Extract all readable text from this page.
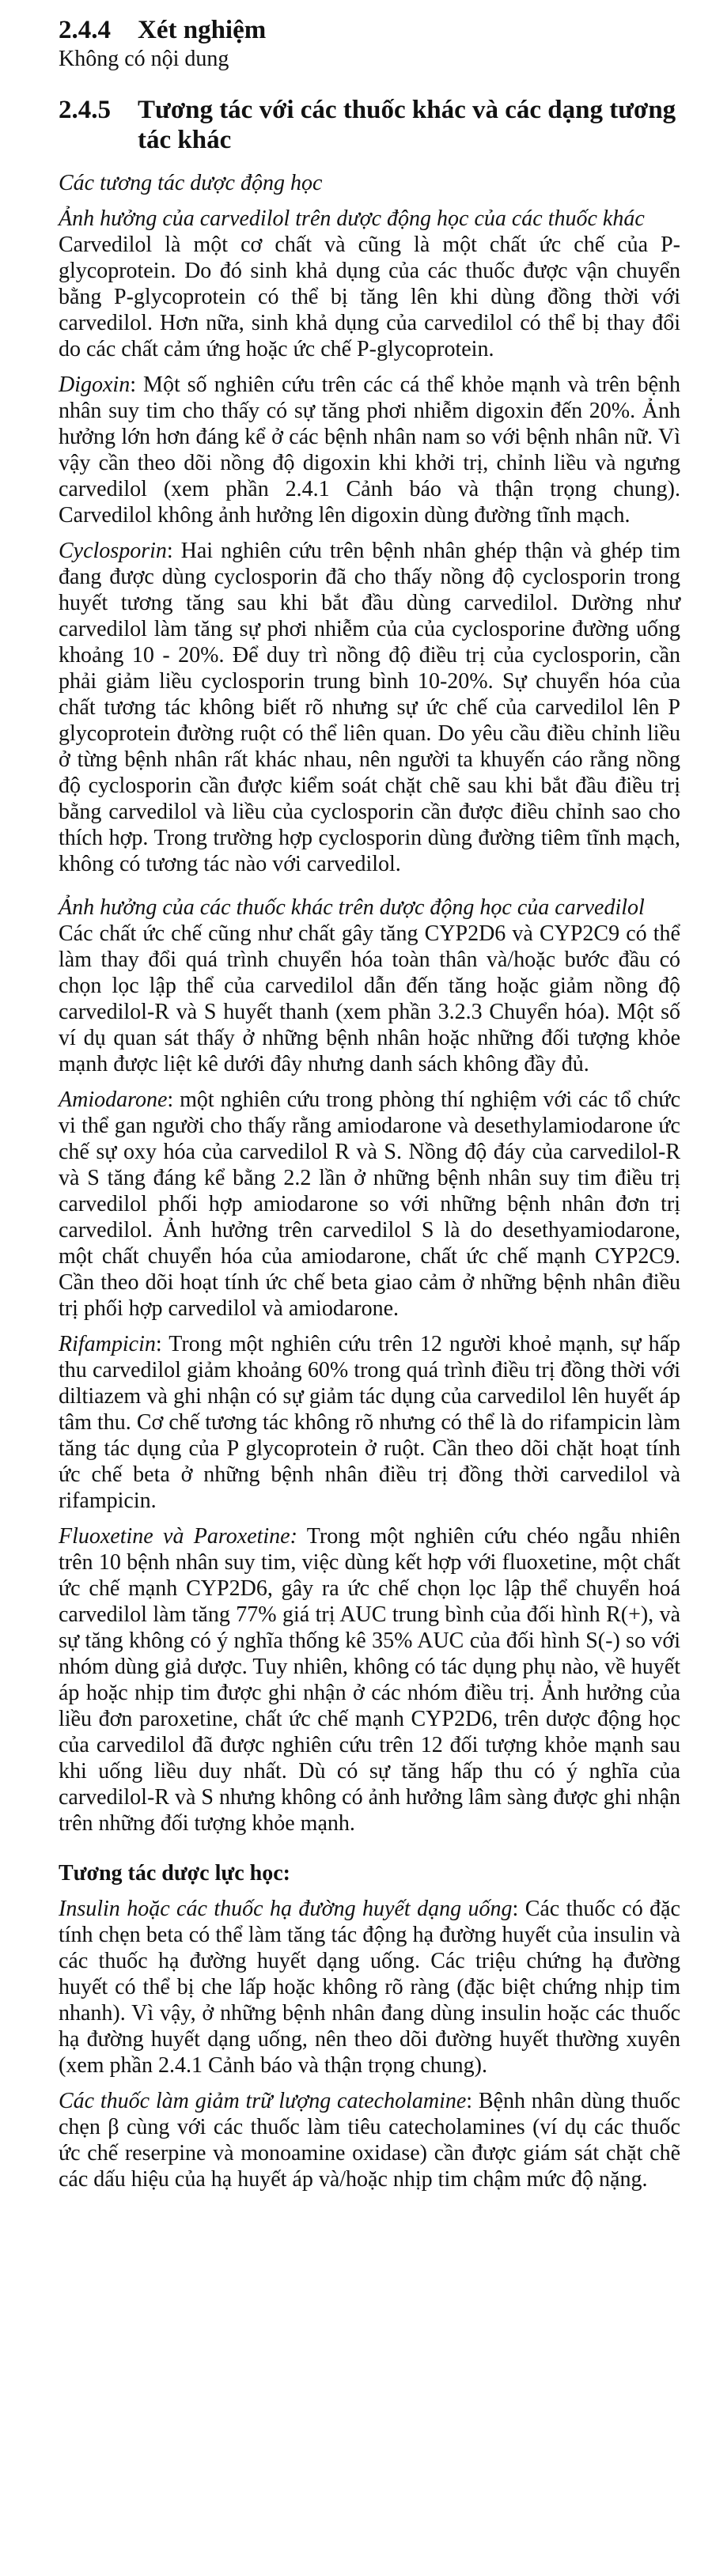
2.4.4	Xét nghiệm

Không có nội dung

2.4.5	Tương tác với các thuốc khác và các dạng tương tác khác

Các tương tác dược động học

Ảnh hưởng của carvedilol trên dược động học của các thuốc khác

Carvedilol là một cơ chất và cũng là một chất ức chế của P-glycoprotein. Do đó sinh khả dụng của các thuốc được vận chuyển bằng P-glycoprotein có thể bị tăng lên khi dùng đồng thời với carvedilol. Hơn nữa, sinh khả dụng của carvedilol có thể bị thay đổi do các chất cảm ứng hoặc ức chế P-glycoprotein.

Digoxin: Một số nghiên cứu trên các cá thể khỏe mạnh và trên bệnh nhân suy tim cho thấy có sự tăng phơi nhiễm digoxin đến 20%. Ảnh hưởng lớn hơn đáng kể ở các bệnh nhân nam so với bệnh nhân nữ. Vì vậy cần theo dõi nồng độ digoxin khi khởi trị, chỉnh liều và ngưng carvedilol (xem phần 2.4.1 Cảnh báo và thận trọng chung). Carvedilol không ảnh hưởng lên digoxin dùng đường tĩnh mạch.

Cyclosporin: Hai nghiên cứu trên bệnh nhân ghép thận và ghép tim đang được dùng cyclosporin đã cho thấy nồng độ cyclosporin trong huyết tương tăng sau khi bắt đầu dùng carvedilol. Dường như carvedilol làm tăng sự phơi nhiễm của của cyclosporine đường uống khoảng 10 - 20%. Để duy trì nồng độ điều trị của cyclosporin, cần phải giảm liều cyclosporin trung bình 10-20%. Sự chuyển hóa của chất tương tác không biết rõ nhưng sự ức chế của carvedilol lên P glycoprotein đường ruột có thể liên quan. Do yêu cầu điều chỉnh liều ở từng bệnh nhân rất khác nhau, nên người ta khuyến cáo rằng nồng độ cyclosporin cần được kiểm soát chặt chẽ sau khi bắt đầu điều trị bằng carvedilol và liều của cyclosporin cần được điều chỉnh sao cho thích hợp. Trong trường hợp cyclosporin dùng đường tiêm tĩnh mạch, không có tương tác nào với carvedilol.

Ảnh hưởng của các thuốc khác trên dược động học của carvedilol

Các chất ức chế cũng như chất gây tăng CYP2D6 và CYP2C9 có thể làm thay đổi quá trình chuyển hóa toàn thân và/hoặc bước đầu có chọn lọc lập thể của carvedilol dẫn đến tăng hoặc giảm nồng độ carvedilol-R và S huyết thanh (xem phần 3.2.3 Chuyển hóa). Một số ví dụ quan sát thấy ở những bệnh nhân hoặc những đối tượng khỏe mạnh được liệt kê dưới đây nhưng danh sách không đầy đủ.

Amiodarone: một nghiên cứu trong phòng thí nghiệm với các tổ chức vi thể gan người cho thấy rằng amiodarone và desethylamiodarone ức chế sự oxy hóa của carvedilol R và S. Nồng độ đáy của carvedilol-R và S tăng đáng kể bằng 2.2 lần ở những bệnh nhân suy tim điều trị carvedilol phối hợp amiodarone so với những bệnh nhân đơn trị carvedilol. Ảnh hưởng trên carvedilol S là do desethyamiodarone, một chất chuyển hóa của amiodarone, chất ức chế mạnh CYP2C9. Cần theo dõi hoạt tính ức chế beta giao cảm ở những bệnh nhân điều trị phối hợp carvedilol và amiodarone.

Rifampicin: Trong một nghiên cứu trên 12 người khoẻ mạnh, sự hấp thu carvedilol giảm khoảng 60% trong quá trình điều trị đồng thời với diltiazem và ghi nhận có sự giảm tác dụng của carvedilol lên huyết áp tâm thu. Cơ chế tương tác không rõ nhưng có thể là do rifampicin làm tăng tác dụng của P glycoprotein ở ruột. Cần theo dõi chặt hoạt tính ức chế beta ở những bệnh nhân điều trị đồng thời carvedilol và rifampicin.

Fluoxetine và Paroxetine: Trong một nghiên cứu chéo ngẫu nhiên trên 10 bệnh nhân suy tim, việc dùng kết hợp với fluoxetine, một chất ức chế mạnh CYP2D6, gây ra ức chế chọn lọc lập thể chuyển hoá carvedilol làm tăng 77% giá trị AUC trung bình của đối hình R(+), và sự tăng không có ý nghĩa thống kê 35% AUC của đối hình S(-) so với nhóm dùng giả dược. Tuy nhiên, không có tác dụng phụ nào, về huyết áp hoặc nhịp tim được ghi nhận ở các nhóm điều trị. Ảnh hưởng của liều đơn paroxetine, chất ức chế mạnh CYP2D6, trên dược động học của carvedilol đã được nghiên cứu trên 12 đối tượng khỏe mạnh sau khi uống liều duy nhất. Dù có sự tăng hấp thu có ý nghĩa của carvedilol-R và S nhưng không có ảnh hưởng lâm sàng được ghi nhận trên những đối tượng khỏe mạnh.

Tương tác dược lực học:

Insulin hoặc các thuốc hạ đường huyết dạng uống: Các thuốc có đặc tính chẹn beta có thể làm tăng tác động hạ đường huyết của insulin và các thuốc hạ đường huyết dạng uống. Các triệu chứng hạ đường huyết có thể bị che lấp hoặc không rõ ràng (đặc biệt chứng nhịp tim nhanh). Vì vậy, ở những bệnh nhân đang dùng insulin hoặc các thuốc hạ đường huyết dạng uống, nên theo dõi đường huyết thường xuyên (xem phần 2.4.1 Cảnh báo và thận trọng chung).

Các thuốc làm giảm trữ lượng catecholamine: Bệnh nhân dùng thuốc chẹn β cùng với các thuốc làm tiêu catecholamines (ví dụ các thuốc ức chế reserpine và monoamine oxidase) cần được giám sát chặt chẽ các dấu hiệu của hạ huyết áp và/hoặc nhịp tim chậm mức độ nặng.
